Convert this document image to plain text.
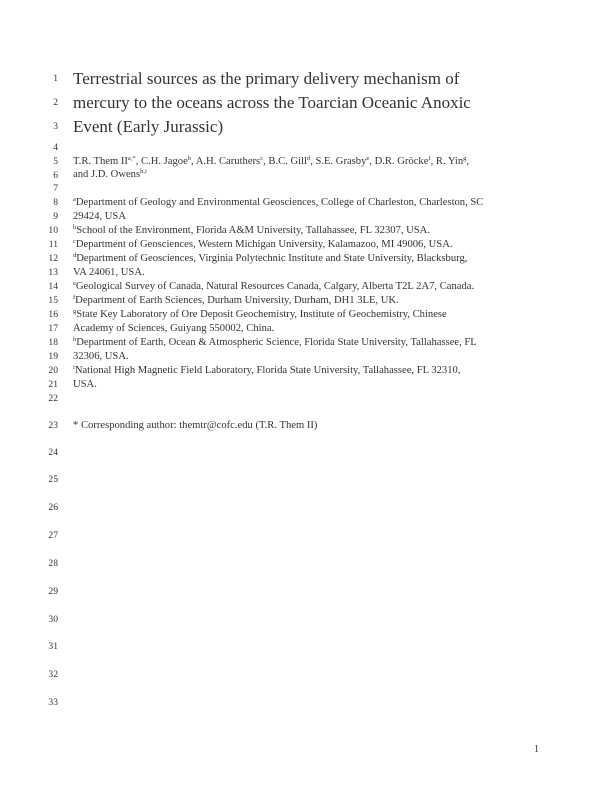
Terrestrial sources as the primary delivery mechanism of
mercury to the oceans across the Toarcian Oceanic Anoxic
Event (Early Jurassic)
T.R. Them $II^{a,*}$, C.H. Jagoe$^b$, A.H. Caruthers$^c$, B.C. Gill$^d$, S.E. Grasby$^e$, D.R. Gröcke$^f$, R. Yin$^g$,
and J.D. Owens$^{h,i}$
$^a$Department of Geology and Environmental Geosciences, College of Charleston, Charleston, SC
29424, USA
$^b$School of the Environment, Florida A&M University, Tallahassee, FL 32307, USA.
$^c$Department of Geosciences, Western Michigan University, Kalamazoo, MI 49006, USA.
$^d$Department of Geosciences, Virginia Polytechnic Institute and State University, Blacksburg,
VA 24061, USA.
$^e$Geological Survey of Canada, Natural Resources Canada, Calgary, Alberta T2L 2A7, Canada.
$^f$Department of Earth Sciences, Durham University, Durham, DH1 3LE, UK.
$^g$State Key Laboratory of Ore Deposit Geochemistry, Institute of Geochemistry, Chinese
Academy of Sciences, Guiyang 550002, China.
$^h$Department of Earth, Ocean & Atmospheric Science, Florida State University, Tallahassee, FL
32306, USA.
$^i$National High Magnetic Field Laboratory, Florida State University, Tallahassee, FL 32310,
USA.
* Corresponding author: themtr@cofc.edu (T.R. Them II)
1
2
3
4
5
6
7
8
9
10
11
12
13
14
15
16
17
18
19
20
21
22
23
24
25
26
27
28
29
30
31
32
33
1
